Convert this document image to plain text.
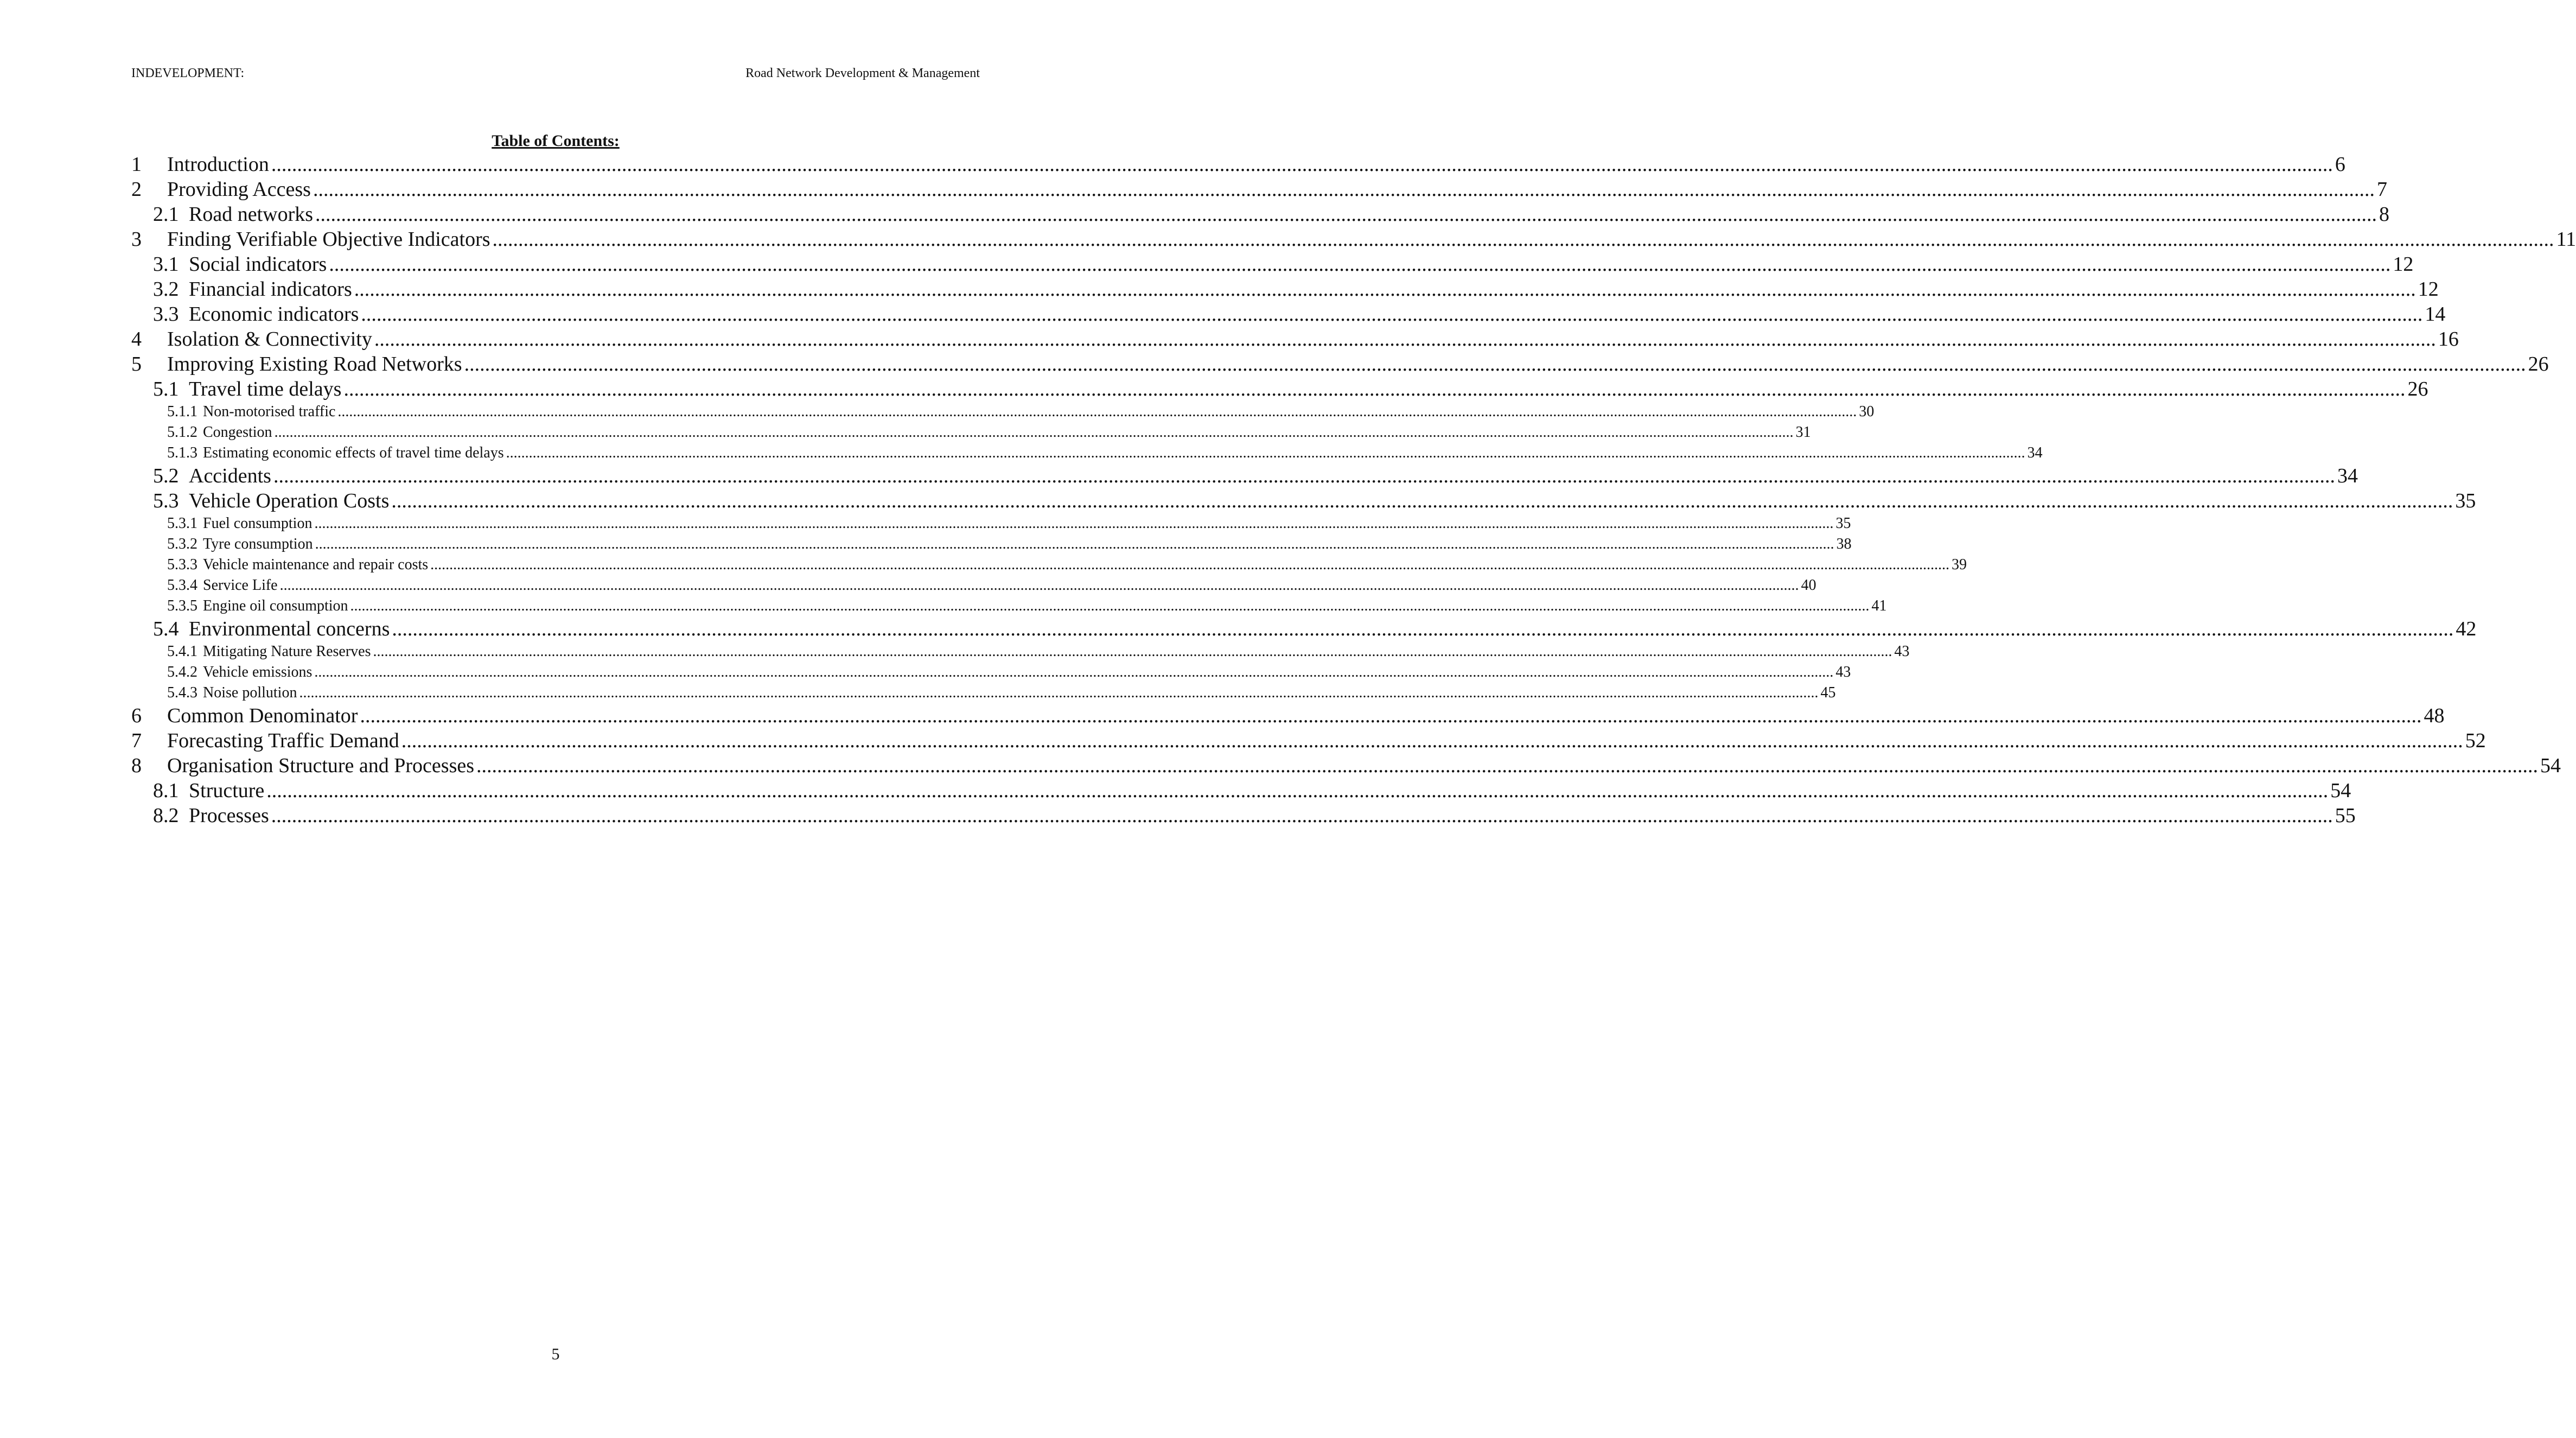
INDEVELOPMENT:	Road Network Development & Management
Table of Contents:
1	Introduction ................................................................................................................................................................................................................................................................................................................................................................................................................ 6
2	Providing Access ................................................................................................................................................................................................................................................................................................................................................................................................................ 7
2.1 Road networks ................................................................................................................................................................................................................................................................................................................................................................................................................ 8
3	Finding Verifiable Objective Indicators ................................................................................................................................................................................................................................................................................................................................................................................................................ 11
3.1 Social indicators ................................................................................................................................................................................................................................................................................................................................................................................................................ 12
3.2 Financial indicators ................................................................................................................................................................................................................................................................................................................................................................................................................ 12
3.3 Economic indicators ................................................................................................................................................................................................................................................................................................................................................................................................................ 14
4	Isolation & Connectivity ................................................................................................................................................................................................................................................................................................................................................................................................................ 16
5	Improving Existing Road Networks ................................................................................................................................................................................................................................................................................................................................................................................................................ 26
5.1 Travel time delays ................................................................................................................................................................................................................................................................................................................................................................................................................ 26
5.1.1 Non-motorised traffic ................................................................................................................................................................................................................................................................................................................................................................................................................ 30
5.1.2 Congestion ................................................................................................................................................................................................................................................................................................................................................................................................................ 31
5.1.3 Estimating economic effects of travel time delays ................................................................................................................................................................................................................................................................................................................................................................................................................ 34
5.2 Accidents ................................................................................................................................................................................................................................................................................................................................................................................................................ 34
5.3 Vehicle Operation Costs ................................................................................................................................................................................................................................................................................................................................................................................................................ 35
5.3.1 Fuel consumption ................................................................................................................................................................................................................................................................................................................................................................................................................ 35
5.3.2 Tyre consumption ................................................................................................................................................................................................................................................................................................................................................................................................................ 38
5.3.3 Vehicle maintenance and repair costs ................................................................................................................................................................................................................................................................................................................................................................................................................ 39
5.3.4 Service Life ................................................................................................................................................................................................................................................................................................................................................................................................................ 40
5.3.5 Engine oil consumption ................................................................................................................................................................................................................................................................................................................................................................................................................ 41
5.4 Environmental concerns ................................................................................................................................................................................................................................................................................................................................................................................................................ 42
5.4.1 Mitigating Nature Reserves ................................................................................................................................................................................................................................................................................................................................................................................................................ 43
5.4.2 Vehicle emissions ................................................................................................................................................................................................................................................................................................................................................................................................................ 43
5.4.3 Noise pollution ................................................................................................................................................................................................................................................................................................................................................................................................................ 45
6	Common Denominator ................................................................................................................................................................................................................................................................................................................................................................................................................ 48
7	Forecasting Traffic Demand ................................................................................................................................................................................................................................................................................................................................................................................................................ 52
8	Organisation Structure and Processes ................................................................................................................................................................................................................................................................................................................................................................................................................ 54
8.1 Structure ................................................................................................................................................................................................................................................................................................................................................................................................................ 54
8.2 Processes ................................................................................................................................................................................................................................................................................................................................................................................................................ 55
5
